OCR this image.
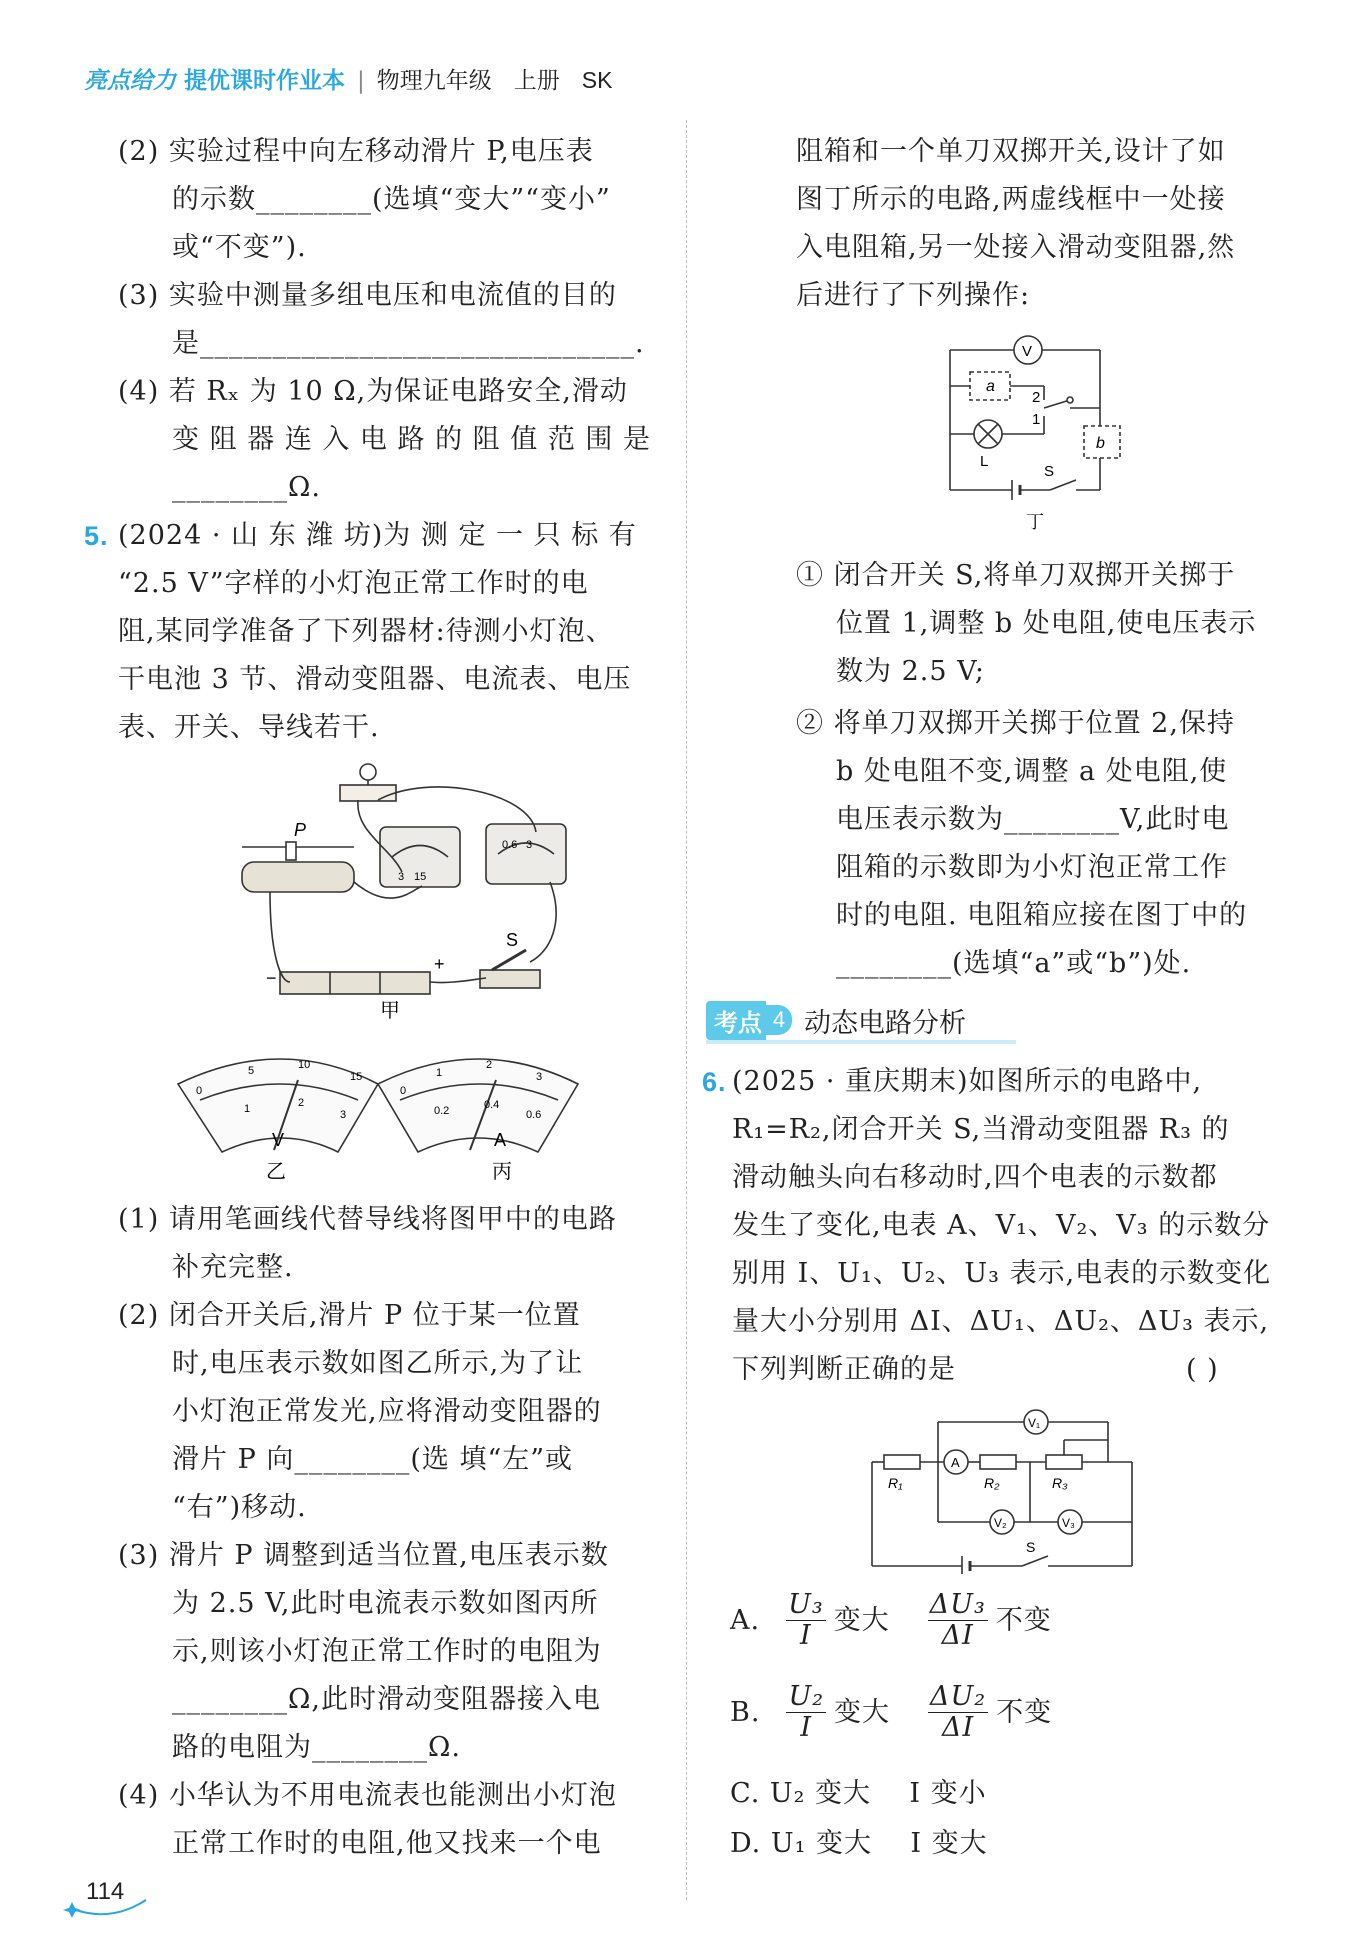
亮点给力 提优课时作业本 | 物理九年级 上册 SK
(2) 实验过程中向左移动滑片 P,电压表
的示数________(选填“变大”“变小”
或“不变”).
(3) 实验中测量多组电压和电流值的目的
是______________________________.
(4) 若 Rₓ 为 10 Ω,为保证电路安全,滑动
变 阻 器 连 入 电 路 的 阻 值 范 围 是
________Ω.
5. (2024 · 山 东 潍 坊)为 测 定 一 只 标 有
“2.5 V”字样的小灯泡正常工作时的电
阻,某同学准备了下列器材:待测小灯泡、
干电池 3 节、滑动变阻器、电流表、电压
表、开关、导线若干.
P
S
−
+
3 15
0.6 3
甲
0
5	10
15
1	2
3
0
1
2
3
0.2	0.4
0.6
V	A
乙	丙
(1) 请用笔画线代替导线将图甲中的电路
补充完整.
(2) 闭合开关后,滑片 P 位于某一位置
时,电压表示数如图乙所示,为了让
小灯泡正常发光,应将滑动变阻器的
滑片 P 向________(选 填“左”或
“右”)移动.
(3) 滑片 P 调整到适当位置,电压表示数
为 2.5 V,此时电流表示数如图丙所
示,则该小灯泡正常工作时的电阻为
________Ω,此时滑动变阻器接入电
路的电阻为________Ω.
(4) 小华认为不用电流表也能测出小灯泡
正常工作时的电阻,他又找来一个电
阻箱和一个单刀双掷开关,设计了如
图丁所示的电路,两虚线框中一处接
入电阻箱,另一处接入滑动变阻器,然
后进行了下列操作:
V
a
b
2
1
L
S
丁
① 闭合开关 S,将单刀双掷开关掷于
位置 1,调整 b 处电阻,使电压表示
数为 2.5 V;
② 将单刀双掷开关掷于位置 2,保持
b 处电阻不变,调整 a 处电阻,使
电压表示数为________V,此时电
阻箱的示数即为小灯泡正常工作
时的电阻. 电阻箱应接在图丁中的
________(选填“a”或“b”)处.
考点 4 动态电路分析
6. (2025 · 重庆期末)如图所示的电路中,
R₁=R₂,闭合开关 S,当滑动变阻器 R₃ 的
滑动触头向右移动时,四个电表的示数都
发生了变化,电表 A、V₁、V₂、V₃ 的示数分
别用 I、U₁、U₂、U₃ 表示,电表的示数变化
量大小分别用 ΔI、ΔU₁、ΔU₂、ΔU₃ 表示,
下列判断正确的是	( )
R₁	R₂	R₃
A
V₁
V₂	V₃
S
A. $\frac{\text{U₃}}{I}$ 变大 $\frac{\text{ΔU₃}}{\Delta I}$ 不变
B. $\frac{\text{U₂}}{I}$ 变大 $\frac{\text{ΔU₂}}{\Delta I}$ 不变
C. U₂ 变大    I 变小
D. U₁ 变大    I 变大
114
